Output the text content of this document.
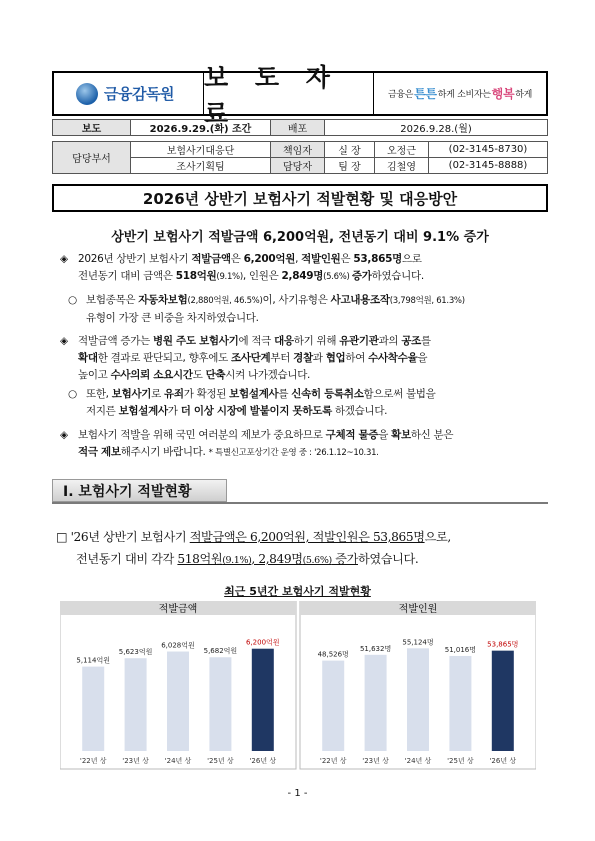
금융감독원
보 도 자 료
금융은 튼튼 하게 소비자는 행복 하게
보도	2026.9.29.(화) 조간	배포	2026.9.28.(월)		

담당부서	보험사기대응단	책임자	실 장	오정근	(02-3145-8730)
	조사기획팀	담당자	팀 장	김철영	(02-3145-8888)
2026년 상반기 보험사기 적발현황 및 대응방안
상반기 보험사기 적발금액 6,200억원, 전년동기 대비 9.1% 증가
◈ 2026년 상반기 보험사기 적발금액은 6,200억원, 적발인원은 53,865명으로
전년동기 대비 금액은 518억원(9.1%), 인원은 2,849명(5.6%) 증가하였습니다.
○ 보험종목은 자동차보험(2,880억원, 46.5%)이, 사기유형은 사고내용조작(3,798억원, 61.3%)
유형이 가장 큰 비중을 차지하였습니다.
◈ 적발금액 증가는 병원 주도 보험사기에 적극 대응하기 위해 유관기관과의 공조를
확대한 결과로 판단되고, 향후에도 조사단계부터 경찰과 협업하여 수사착수율을
높이고 수사의뢰 소요시간도 단축시켜 나가겠습니다.
○ 또한, 보험사기로 유죄가 확정된 보험설계사를 신속히 등록취소함으로써 불법을
저지른 보험설계사가 더 이상 시장에 발붙이지 못하도록 하겠습니다.
◈ 보험사기 적발을 위해 국민 여러분의 제보가 중요하므로 구체적 물증을 확보하신 분은
적극 제보해주시기 바랍니다. * 특별신고포상기간 운영 중 : '26.1.12~10.31.
Ⅰ. 보험사기 적발현황
□ '26년 상반기 보험사기 적발금액은 6,200억원, 적발인원은 53,865명으로,
전년동기 대비 각각 518억원(9.1%), 2,849명(5.6%) 증가하였습니다.
최근 5년간 보험사기 적발현황
적발금액
5,114억원
'22년 상
5,623억원
'23년 상
6,028억원
'24년 상
5,682억원
'25년 상
6,200억원
'26년 상
적발인원
48,526명
'22년 상
51,632명
'23년 상
55,124명
'24년 상
51,016명
'25년 상
53,865명
'26년 상
- 1 -
